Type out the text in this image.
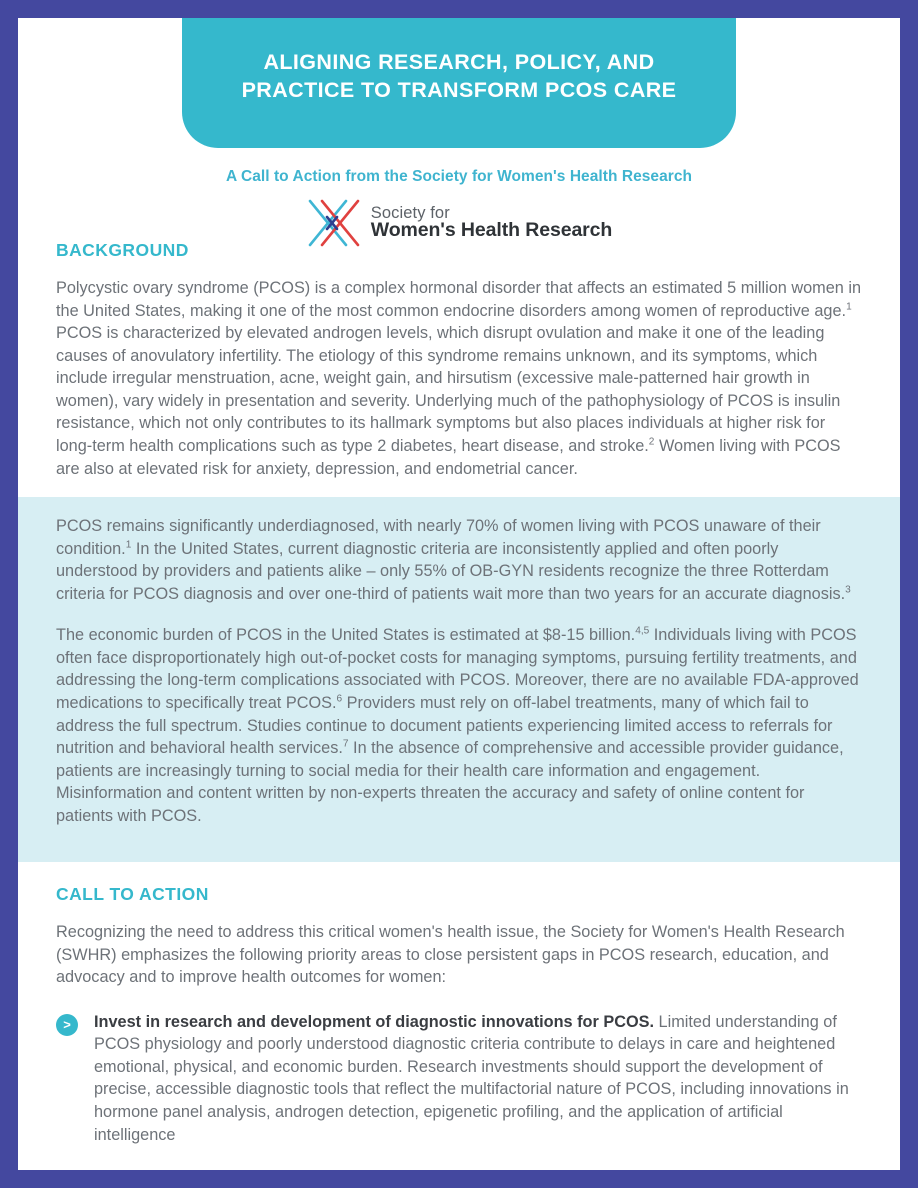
ALIGNING RESEARCH, POLICY, AND PRACTICE TO TRANSFORM PCOS CARE
A Call to Action from the Society for Women's Health Research
Society for
Women's Health Research
BACKGROUND

Polycystic ovary syndrome (PCOS) is a complex hormonal disorder that affects an estimated 5 million women in the United States, making it one of the most common endocrine disorders among women of reproductive age.$^1$ PCOS is characterized by elevated androgen levels, which disrupt ovulation and make it one of the leading causes of anovulatory infertility. The etiology of this syndrome remains unknown, and its symptoms, which include irregular menstruation, acne, weight gain, and hirsutism (excessive male-patterned hair growth in women), vary widely in presentation and severity. Underlying much of the pathophysiology of PCOS is insulin resistance, which not only contributes to its hallmark symptoms but also places individuals at higher risk for long-term health complications such as type 2 diabetes, heart disease, and stroke.$^2$ Women living with PCOS are also at elevated risk for anxiety, depression, and endometrial cancer.

PCOS remains significantly underdiagnosed, with nearly 70% of women living with PCOS unaware of their condition.$^1$ In the United States, current diagnostic criteria are inconsistently applied and often poorly understood by providers and patients alike – only 55% of OB-GYN residents recognize the three Rotterdam criteria for PCOS diagnosis and over one-third of patients wait more than two years for an accurate diagnosis.$^3$

The economic burden of PCOS in the United States is estimated at $8-15 billion.$^{4,5}$ Individuals living with PCOS often face disproportionately high out-of-pocket costs for managing symptoms, pursuing fertility treatments, and addressing the long-term complications associated with PCOS. Moreover, there are no available FDA-approved medications to specifically treat PCOS.$^6$ Providers must rely on off-label treatments, many of which fail to address the full spectrum. Studies continue to document patients experiencing limited access to referrals for nutrition and behavioral health services.$^7$ In the absence of comprehensive and accessible provider guidance, patients are increasingly turning to social media for their health care information and engagement. Misinformation and content written by non-experts threaten the accuracy and safety of online content for patients with PCOS.

CALL TO ACTION

Recognizing the need to address this critical women's health issue, the Society for Women's Health Research (SWHR) emphasizes the following priority areas to close persistent gaps in PCOS research, education, and advocacy and to improve health outcomes for women:

>	Invest in research and development of diagnostic innovations for PCOS. Limited understanding of PCOS physiology and poorly understood diagnostic criteria contribute to delays in care and heightened emotional, physical, and economic burden. Research investments should support the development of precise, accessible diagnostic tools that reflect the multifactorial nature of PCOS, including innovations in hormone panel analysis, androgen detection, epigenetic profiling, and the application of artificial intelligence
